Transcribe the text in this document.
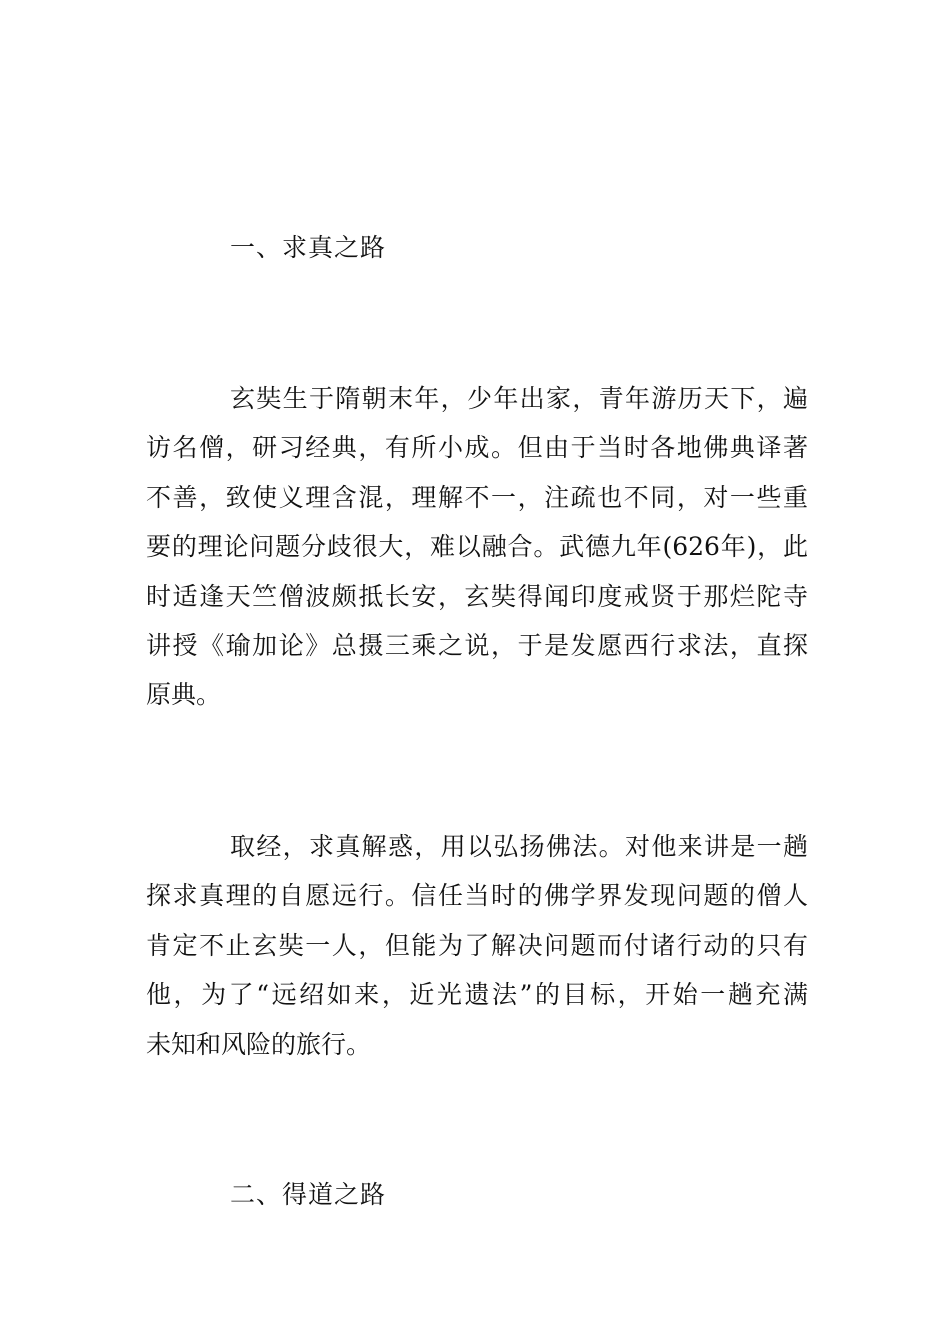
一、求真之路
玄奘生于隋朝末年，少年出家，青年游历天下，遍
访名僧，研习经典，有所小成。但由于当时各地佛典译著
不善，致使义理含混，理解不一，注疏也不同，对一些重
要的理论问题分歧很大，难以融合。武德九年(626年)，此
时适逢天竺僧波颇抵长安，玄奘得闻印度戒贤于那烂陀寺
讲授《瑜加论》总摄三乘之说，于是发愿西行求法，直探
原典。
取经，求真解惑，用以弘扬佛法。对他来讲是一趟
探求真理的自愿远行。信任当时的佛学界发现问题的僧人
肯定不止玄奘一人，但能为了解决问题而付诸行动的只有
他，为了“远绍如来，近光遗法”的目标，开始一趟充满
未知和风险的旅行。
二、得道之路
